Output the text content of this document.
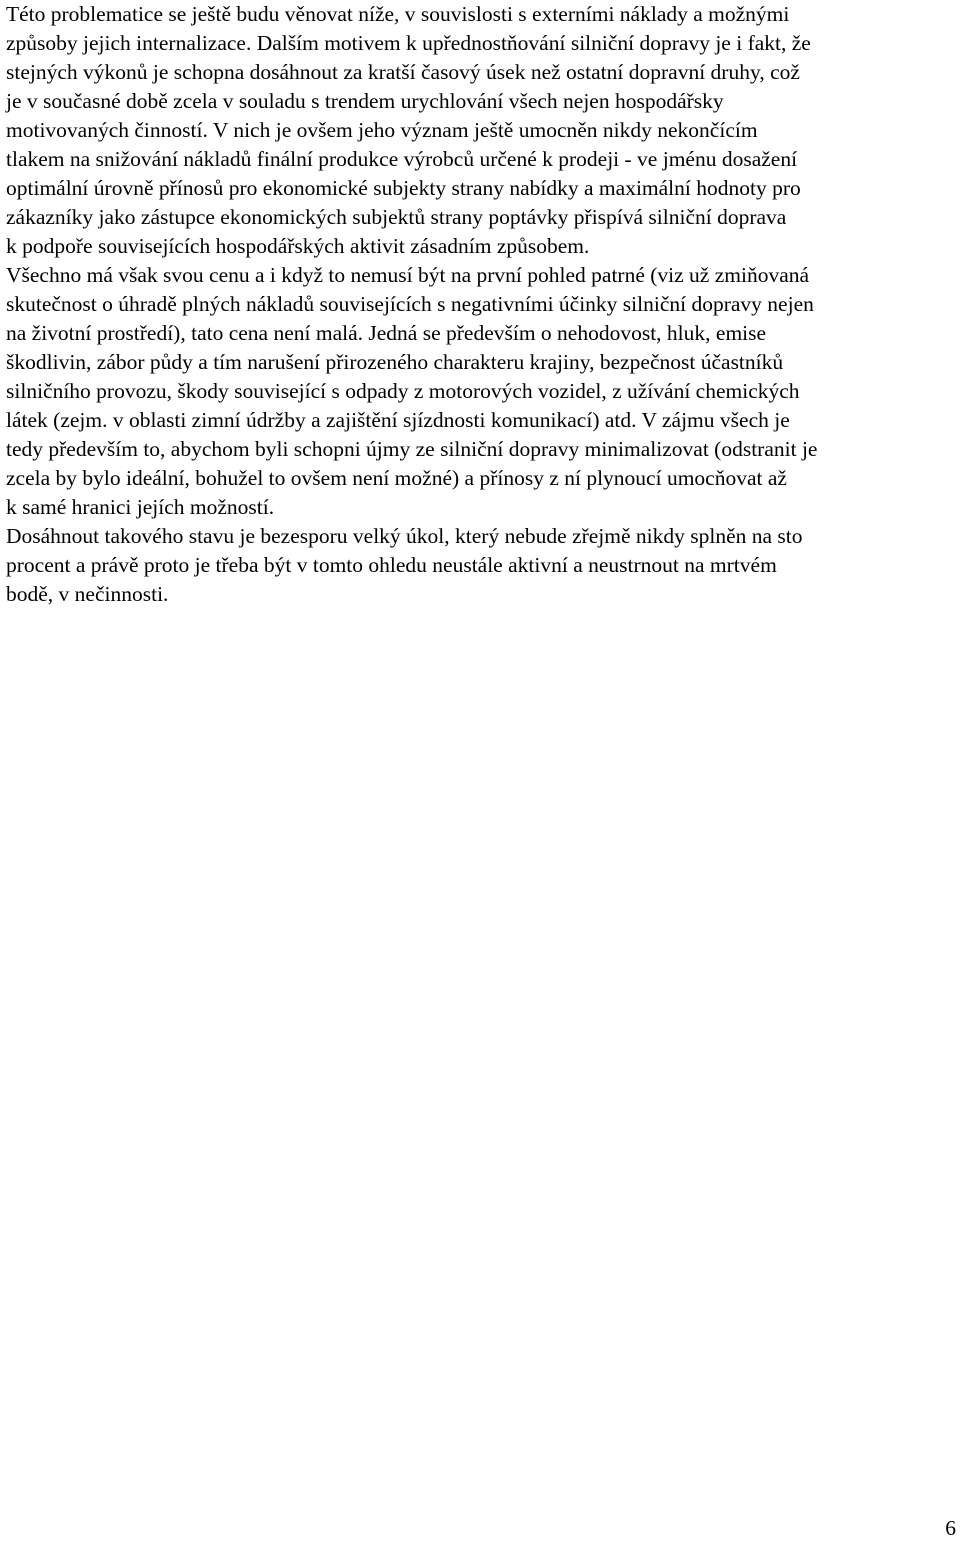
Této problematice se ještě budu věnovat níže, v souvislosti s externími náklady a možnými
způsoby jejich internalizace. Dalším motivem k upřednostňování silniční dopravy je i fakt, že
stejných výkonů je schopna dosáhnout za kratší časový úsek než ostatní dopravní druhy, což
je v současné době zcela v souladu s trendem urychlování všech nejen hospodářsky
motivovaných činností. V nich je ovšem jeho význam ještě umocněn nikdy nekončícím
tlakem na snižování nákladů finální produkce výrobců určené k prodeji - ve jménu dosažení
optimální úrovně přínosů pro ekonomické subjekty strany nabídky a maximální hodnoty pro
zákazníky jako zástupce ekonomických subjektů strany poptávky přispívá silniční doprava
k podpoře souvisejících hospodářských aktivit zásadním způsobem.

Všechno má však svou cenu a i když to nemusí být na první pohled patrné (viz už zmiňovaná
skutečnost o úhradě plných nákladů souvisejících s negativními účinky silniční dopravy nejen
na životní prostředí), tato cena není malá. Jedná se především o nehodovost, hluk, emise
škodlivin, zábor půdy a tím narušení přirozeného charakteru krajiny, bezpečnost účastníků
silničního provozu, škody související s odpady z motorových vozidel, z užívání chemických
látek (zejm. v oblasti zimní údržby a zajištění sjízdnosti komunikací) atd. V zájmu všech je
tedy především to, abychom byli schopni újmy ze silniční dopravy minimalizovat (odstranit je
zcela by bylo ideální, bohužel to ovšem není možné) a přínosy z ní plynoucí umocňovat až
k samé hranici jejích možností.

Dosáhnout takového stavu je bezesporu velký úkol, který nebude zřejmě nikdy splněn na sto
procent a právě proto je třeba být v tomto ohledu neustále aktivní a neustrnout na mrtvém
bodě, v nečinnosti.

6
